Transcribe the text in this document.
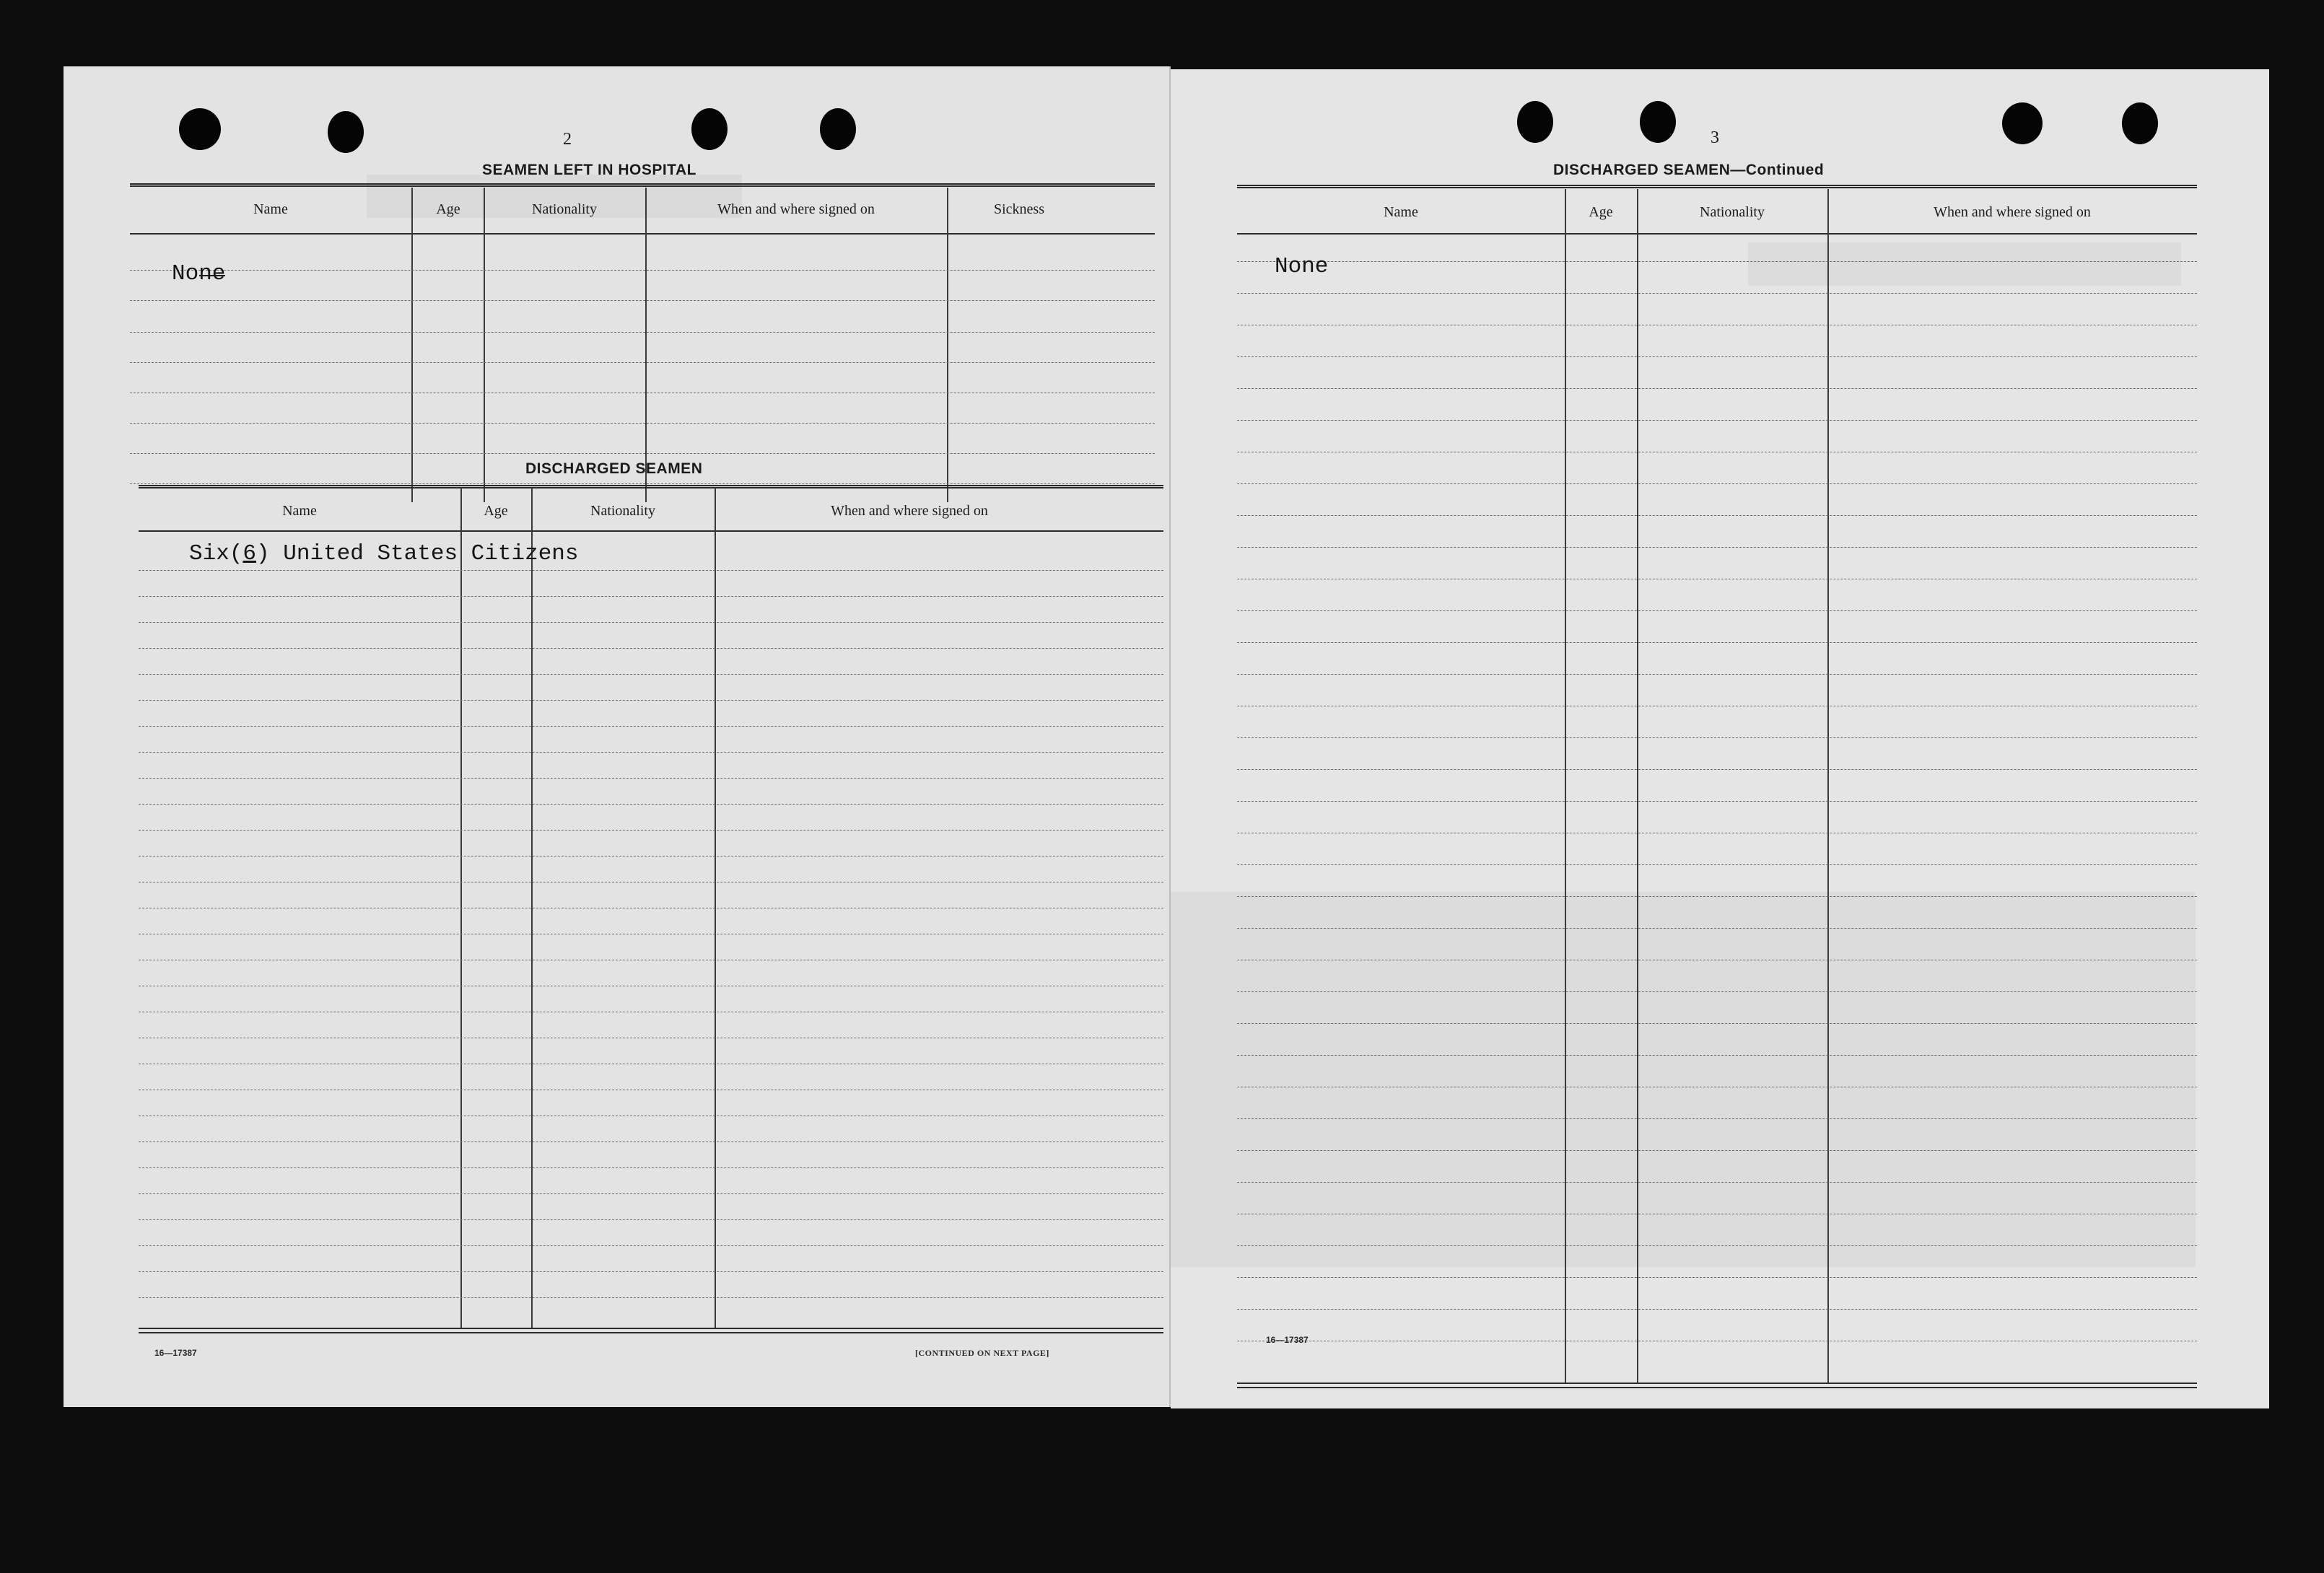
2
SEAMEN LEFT IN HOSPITAL
Name	Age	Nationality	When and where signed on	Sickness
None
DISCHARGED SEAMEN
Name	Age	Nationality	When and where signed on
Six(6) United States Citizens
16—17387	[CONTINUED ON NEXT PAGE]
3
DISCHARGED SEAMEN—Continued
Name	Age	Nationality	When and where signed on
None
16—17387
